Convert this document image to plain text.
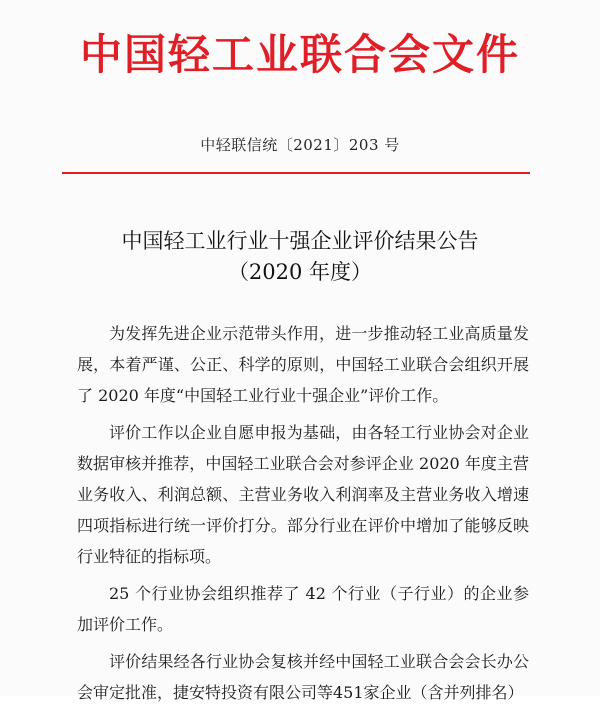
中国轻工业联合会文件
中轻联信统〔2021〕203 号
中国轻工业行业十强企业评价结果公告
（2020 年度）

为发挥先进企业示范带头作用，进一步推动轻工业高质量发展，本着严谨、公正、科学的原则，中国轻工业联合会组织开展了 2020 年度“中国轻工业行业十强企业”评价工作。

评价工作以企业自愿申报为基础，由各轻工行业协会对企业数据审核并推荐，中国轻工业联合会对参评企业 2020 年度主营业务收入、利润总额、主营业务收入利润率及主营业务收入增速四项指标进行统一评价打分。部分行业在评价中增加了能够反映行业特征的指标项。

25 个行业协会组织推荐了 42 个行业（子行业）的企业参加评价工作。

评价结果经各行业协会复核并经中国轻工业联合会会长办公会审定批准，捷安特投资有限公司等451家企业（含并列排名）
